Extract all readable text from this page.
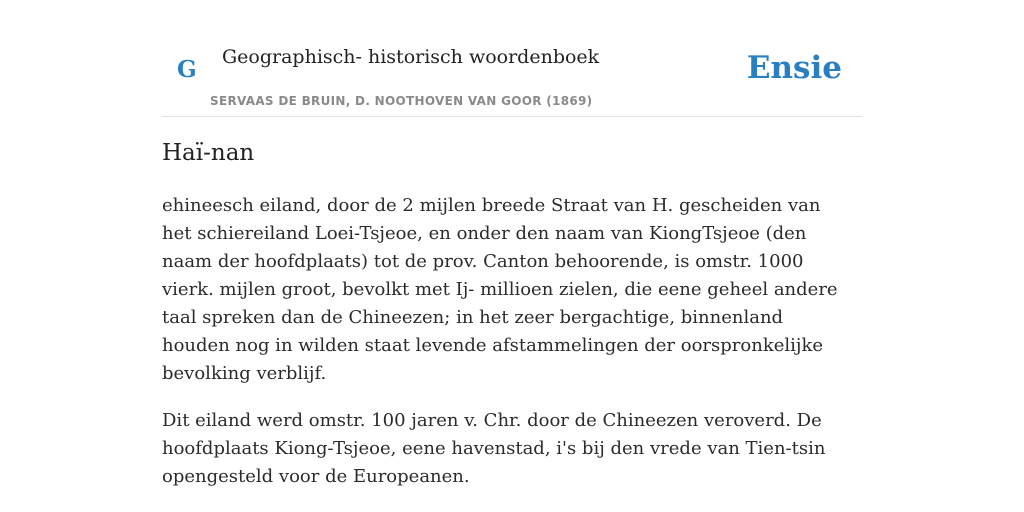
G Geographisch- historisch woordenboek
SERVAAS DE BRUIN, D. NOOTHOVEN VAN GOOR (1869)
Ensie
Haï-nan

ehineesch eiland, door de 2 mijlen breede Straat van H. gescheiden van het schiereiland Loei-Tsjeoe, en onder den naam van KiongTsjeoe (den naam der hoofdplaats) tot de prov. Canton behoorende, is omstr. 1000 vierk. mijlen groot, bevolkt met Ij- millioen zielen, die eene geheel andere taal spreken dan de Chineezen; in het zeer bergachtige, binnenland houden nog in wilden staat levende afstammelingen der oorspronkelijke bevolking verblijf.

Dit eiland werd omstr. 100 jaren v. Chr. door de Chineezen veroverd. De hoofdplaats Kiong-Tsjeoe, eene havenstad, i's bij den vrede van Tien-tsin opengesteld voor de Europeanen.
